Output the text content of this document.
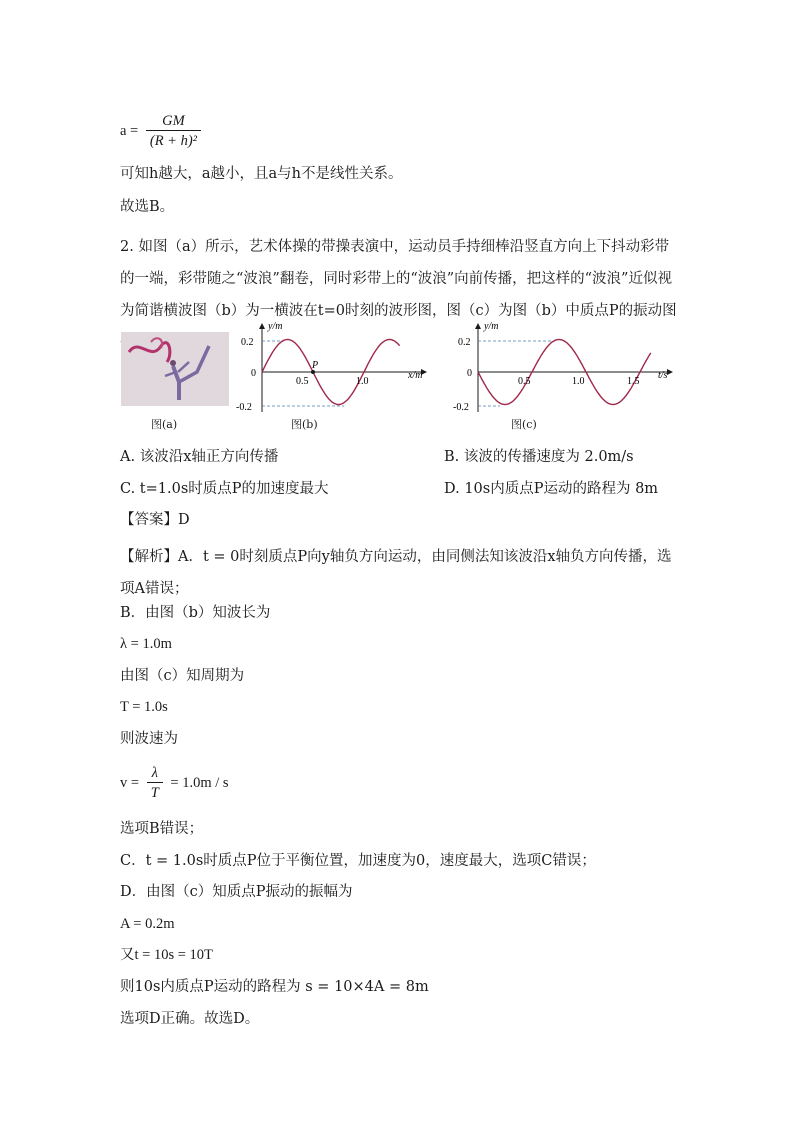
$a = \frac{GM}{\text{(R + h)²}}$
可知h越大，a越小，且a与h不是线性关系。
故选B。
2. 如图（a）所示，艺术体操的带操表演中，运动员手持细棒沿竖直方向上下抖动彩带的一端，彩带随之“波浪”翻卷，同时彩带上的“波浪”向前传播，把这样的“波浪”近似视为简谐横波图（b）为一横波在t=0时刻的波形图，图（c）为图（b）中质点P的振动图　　
图(a)
y/m
x/m
0.2
-0.2
0
0.5	1.0
P
图(b)
y/m
t/s
0.2
-0.2
0
0.5	1.0	1.5
图(c)
A. 该波沿x轴正方向传播	B. 该波的传播速度为 2.0m/s
C. t=1.0s时质点P的加速度最大	D. 10s内质点P运动的路程为 8m
【答案】D
【解析】A．t = 0时刻质点P向y轴负方向运动，由同侧法知该波沿x轴负方向传播，选项A错误；
B．由图（b）知波长为
λ = 1.0m
由图（c）知周期为
T = 1.0s
则波速为
$v = \frac{\lambda}{T} = 1.0m / s$
选项B错误；
C．t = 1.0s时质点P位于平衡位置，加速度为0，速度最大，选项C错误；
D．由图（c）知质点P振动的振幅为
A = 0.2m
又t = 10s = 10T
则10s内质点P运动的路程为 s = 10×4A = 8m
选项D正确。故选D。
